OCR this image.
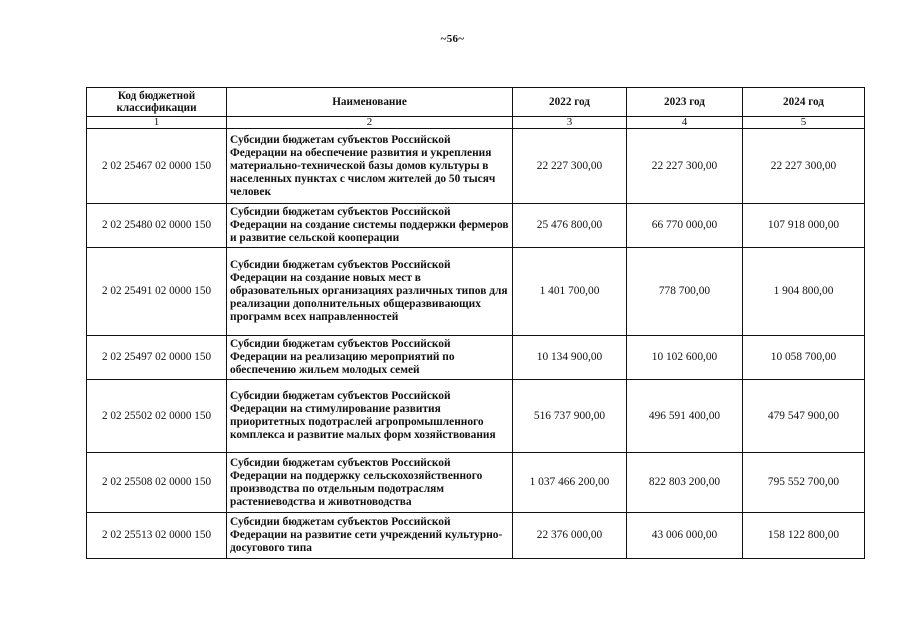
~56~
Код бюджетной классификации	Наименование	2022 год	2023 год	2024 год
1	2	3	4	5
2 02 25467 02 0000 150	Субсидии бюджетам субъектов Российской Федерации на обеспечение развития и укрепления материально-технической базы домов культуры в населенных пунктах с числом жителей до 50 тысяч человек	22 227 300,00	22 227 300,00	22 227 300,00
2 02 25480 02 0000 150	Субсидии бюджетам субъектов Российской Федерации на создание системы поддержки фермеров и развитие сельской кооперации	25 476 800,00	66 770 000,00	107 918 000,00
2 02 25491 02 0000 150	Субсидии бюджетам субъектов Российской Федерации на создание новых мест в образовательных организациях различных типов для реализации дополнительных общеразвивающих программ всех направленностей	1 401 700,00	778 700,00	1 904 800,00
2 02 25497 02 0000 150	Субсидии бюджетам субъектов Российской Федерации на реализацию мероприятий по обеспечению жильем молодых семей	10 134 900,00	10 102 600,00	10 058 700,00
2 02 25502 02 0000 150	Субсидии бюджетам субъектов Российской Федерации на стимулирование развития приоритетных подотраслей агропромышленного комплекса и развитие малых форм хозяйствования	516 737 900,00	496 591 400,00	479 547 900,00
2 02 25508 02 0000 150	Субсидии бюджетам субъектов Российской Федерации на поддержку сельскохозяйственного производства по отдельным подотраслям растениеводства и животноводства	1 037 466 200,00	822 803 200,00	795 552 700,00
2 02 25513 02 0000 150	Субсидии бюджетам субъектов Российской Федерации на развитие сети учреждений культурно-досугового типа	22 376 000,00	43 006 000,00	158 122 800,00
